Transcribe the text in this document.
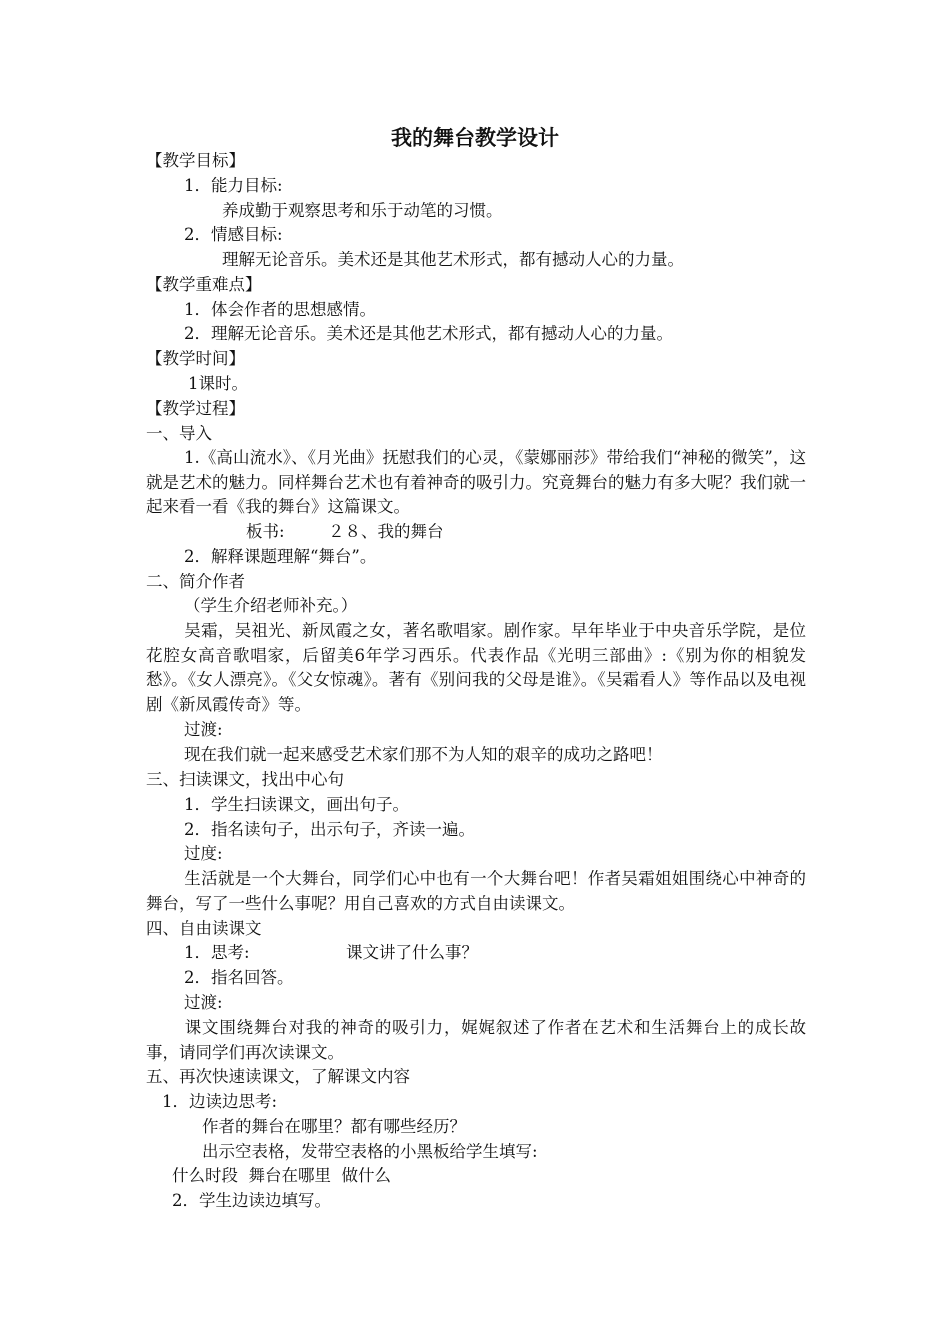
我的舞台教学设计
【教学目标】
1．能力目标:
养成勤于观察思考和乐于动笔的习惯。
2．情感目标:
理解无论音乐。美术还是其他艺术形式，都有撼动人心的力量。
【教学重难点】
1．体会作者的思想感情。
2．理解无论音乐。美术还是其他艺术形式，都有撼动人心的力量。
【教学时间】
1课时。
【教学过程】
一、导入
1.《高山流水》、《月光曲》抚慰我们的心灵，《蒙娜丽莎》带给我们“神秘的微笑”，这就是艺术的魅力。同样舞台艺术也有着神奇的吸引力。究竟舞台的魅力有多大呢？我们就一起来看一看《我的舞台》这篇课文。
板书:	２８、我的舞台
2．解释课题理解“舞台”。
二、简介作者
（学生介绍老师补充。）
吴霜，吴祖光、新凤霞之女，著名歌唱家。剧作家。早年毕业于中央音乐学院，是位花腔女高音歌唱家，后留美6年学习西乐。代表作品《光明三部曲》:《别为你的相貌发愁》。《女人漂亮》。《父女惊魂》。著有《别问我的父母是谁》。《吴霜看人》等作品以及电视剧《新凤霞传奇》等。
过渡:
现在我们就一起来感受艺术家们那不为人知的艰辛的成功之路吧！
三、扫读课文，找出中心句
1．学生扫读课文，画出句子。
2．指名读句子，出示句子，齐读一遍。
过度:
生活就是一个大舞台，同学们心中也有一个大舞台吧！作者吴霜姐姐围绕心中神奇的舞台，写了一些什么事呢？用自己喜欢的方式自由读课文。
四、自由读课文
1．思考:	课文讲了什么事？
2．指名回答。
过渡:
课文围绕舞台对我的神奇的吸引力，娓娓叙述了作者在艺术和生活舞台上的成长故事，请同学们再次读课文。
五、再次快速读课文，了解课文内容
1．边读边思考:
作者的舞台在哪里？都有哪些经历？
出示空表格，发带空表格的小黑板给学生填写:
什么时段  舞台在哪里  做什么
2．学生边读边填写。
